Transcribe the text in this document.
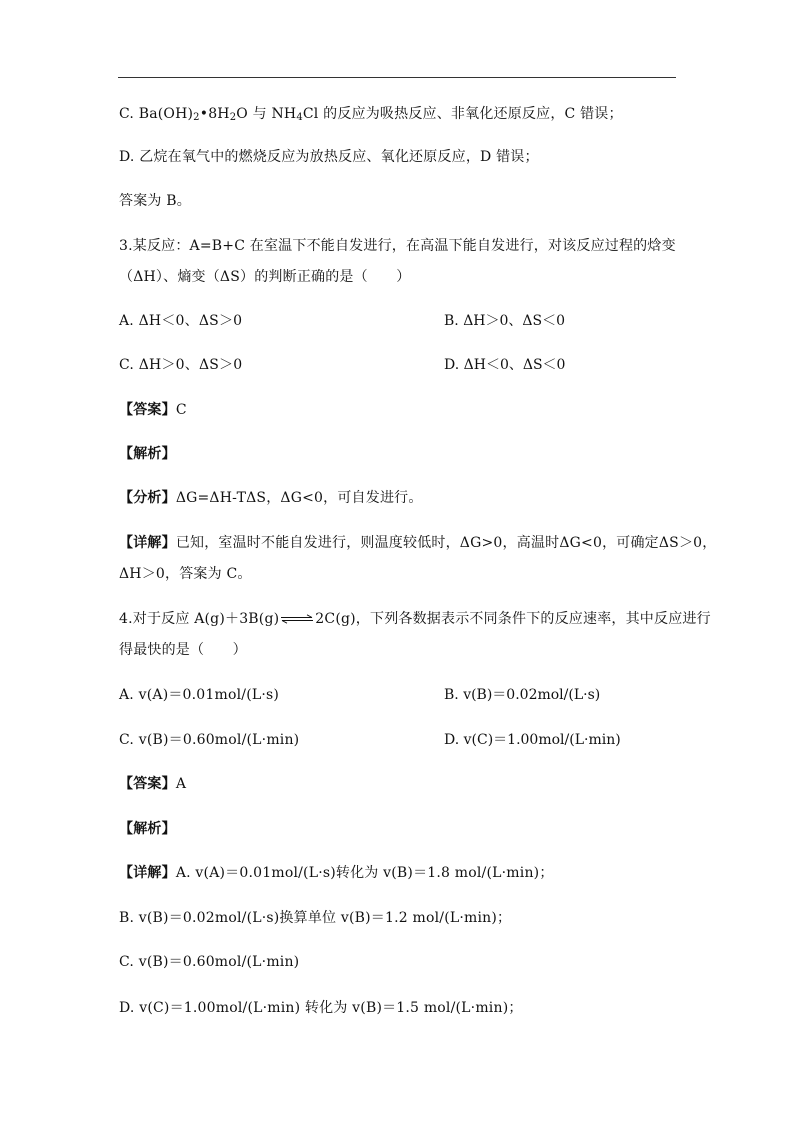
C. $Ba(OH)_2•8H_2O$ 与 $NH_4Cl$ 的反应为吸热反应、非氧化还原反应，C 错误；
D. 乙烷在氧气中的燃烧反应为放热反应、氧化还原反应，D 错误；
答案为 B。
3.某反应：A=B+C 在室温下不能自发进行，在高温下能自发进行，对该反应过程的焓变
（ΔH）、熵变（ΔS）的判断正确的是（　　）
A. ΔH＜0、ΔS＞0	B. ΔH＞0、ΔS＜0
C. ΔH＞0、ΔS＞0	D. ΔH＜0、ΔS＜0
【答案】C
【解析】
【分析】ΔG=ΔH-TΔS，ΔG<0，可自发进行。
【详解】已知，室温时不能自发进行，则温度较低时，ΔG>0，高温时ΔG<0，可确定ΔS＞0，
ΔH＞0，答案为 C。
4.对于反应 A(g)＋3B(g)⇌2C(g)，下列各数据表示不同条件下的反应速率，其中反应进行
得最快的是（　　）
A. v(A)＝0.01mol/(L·s)	B. v(B)＝0.02mol/(L·s)
C. v(B)＝0.60mol/(L·min)	D. v(C)＝1.00mol/(L·min)
【答案】A
【解析】
【详解】A. v(A)＝0.01mol/(L·s)转化为 v(B)＝1.8 mol/(L·min)；
B. v(B)＝0.02mol/(L·s)换算单位 v(B)＝1.2 mol/(L·min)；
C. v(B)＝0.60mol/(L·min)
D. v(C)＝1.00mol/(L·min) 转化为 v(B)＝1.5 mol/(L·min)；
